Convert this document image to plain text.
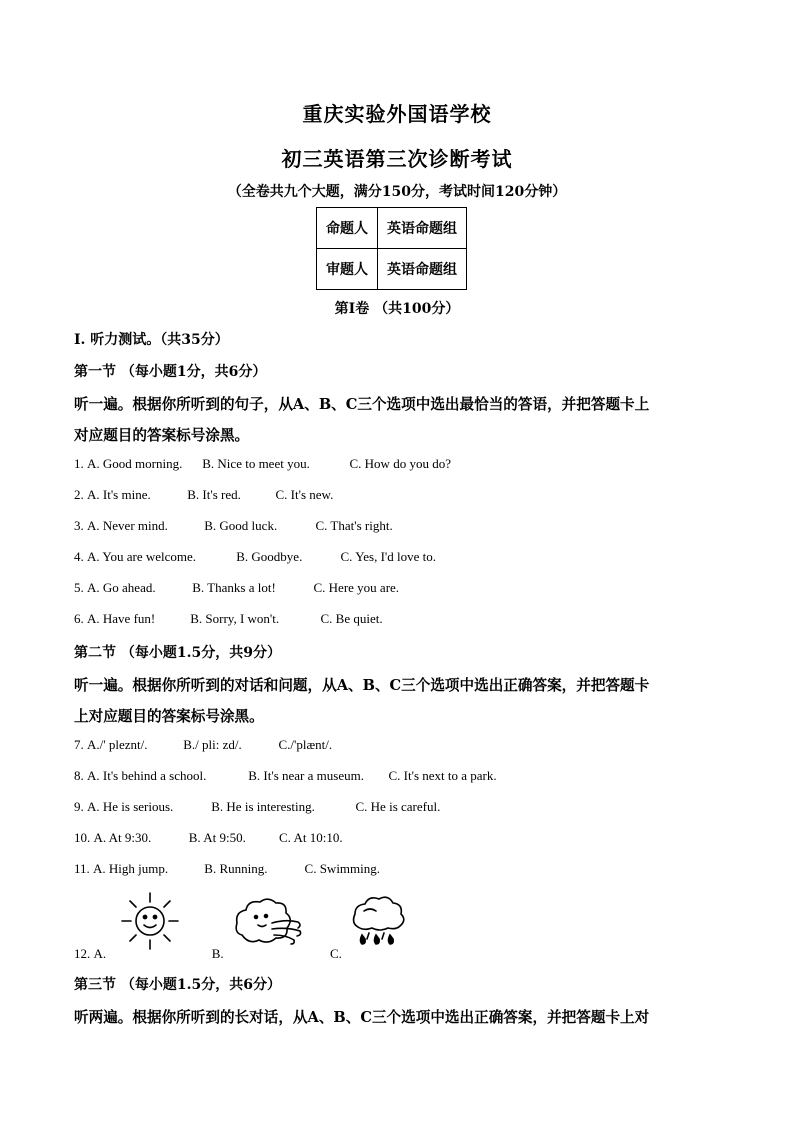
重庆实验外国语学校
初三英语第三次诊断考试
（全卷共九个大题，满分150分，考试时间120分钟）
命题人	英语命题组
审题人	英语命题组
第Ⅰ卷 （共100分）
I. 听力测试。（共35分）
第一节 （每小题1分，共6分）
听一遍。根据你所听到的句子，从A、B、C三个选项中选出最恰当的答语，并把答题卡上
对应题目的答案标号涂黑。
1. A. Good morning. B. Nice to meet you.	C. How do you do?
2. A. It's mine.	B. It's red.	C. It's new.
3. A. Never mind.	B. Good luck.	C. That's right.
4. A. You are welcome.	B. Goodbye.	C. Yes, I'd love to.
5. A. Go ahead.	B. Thanks a lot!	C. Here you are.
6. A. Have fun!	B. Sorry, I won't.	C. Be quiet.
第二节 （每小题1.5分，共9分）
听一遍。根据你所听到的对话和问题，从A、B、C三个选项中选出正确答案，并把答题卡
上对应题目的答案标号涂黑。
7. A./' pleznt/.	B./ pli: zd/.	C./'plænt/.
8. A. It's behind a school.	B. It's near a museum. C. It's next to a park.
9. A. He is serious.	B. He is interesting.	C. He is careful.
10. A. At 9:30.	B. At 9:50.	C. At 10:10.
11. A. High jump.	B. Running.	C. Swimming.
12. A.	B.	C.
第三节 （每小题1.5分，共6分）
听两遍。根据你所听到的长对话，从A、B、C三个选项中选出正确答案，并把答题卡上对
